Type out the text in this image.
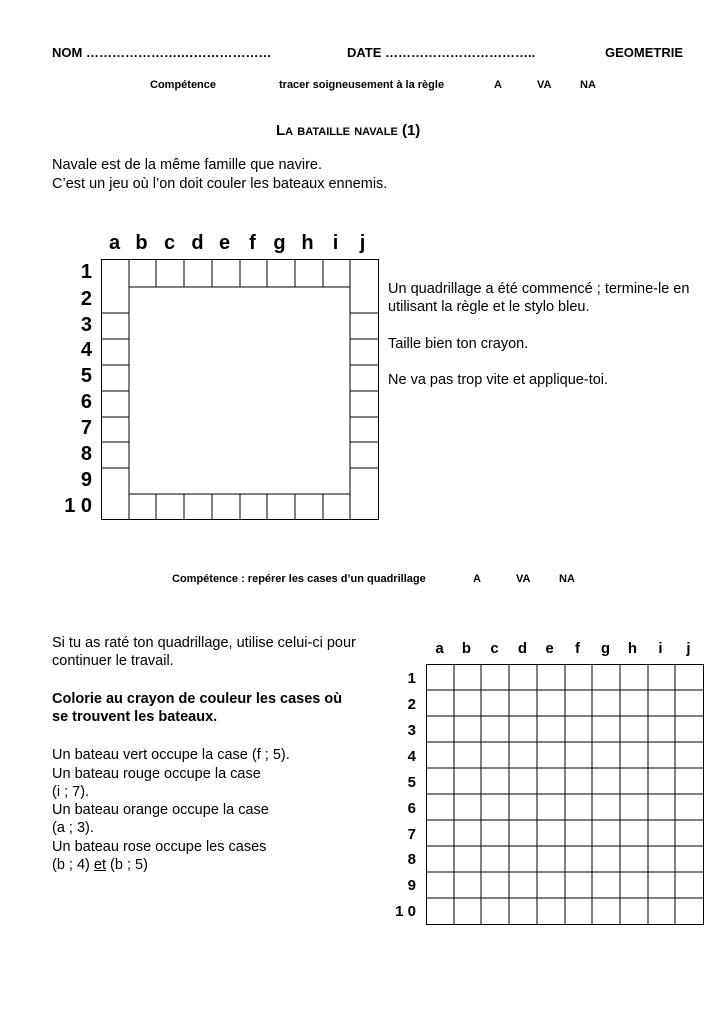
NOM ………………….…………………	DATE ……………………………..	GEOMETRIE
Compétence	tracer soigneusement à la règle	A	VA	NA
La bataille navale (1)
Navale est de la même famille que navire.
C’est un jeu où l’on doit couler les bateaux ennemis.
a b c d e f g h i	j
1
2
3
4
5
6
7
8
9
1 0
Un quadrillage a été commencé ; termine-le en utilisant la règle et le stylo bleu.
Taille bien ton crayon.
Ne va pas trop vite et applique-toi.
Compétence : repérer les cases d’un quadrillage	A	VA	NA
Si tu as raté ton quadrillage, utilise celui-ci pour continuer le travail.
Colorie au crayon de couleur les cases où se trouvent les bateaux.
Un bateau vert occupe la case (f ; 5).
Un bateau rouge occupe la case
(i ; 7).
Un bateau orange occupe la case
(a ; 3).
Un bateau rose occupe les cases
(b ; 4) et (b ; 5)
a	b	c	d	e	f	g	h	i	j
1
2
3
4
5
6
7
8
9
1 0
